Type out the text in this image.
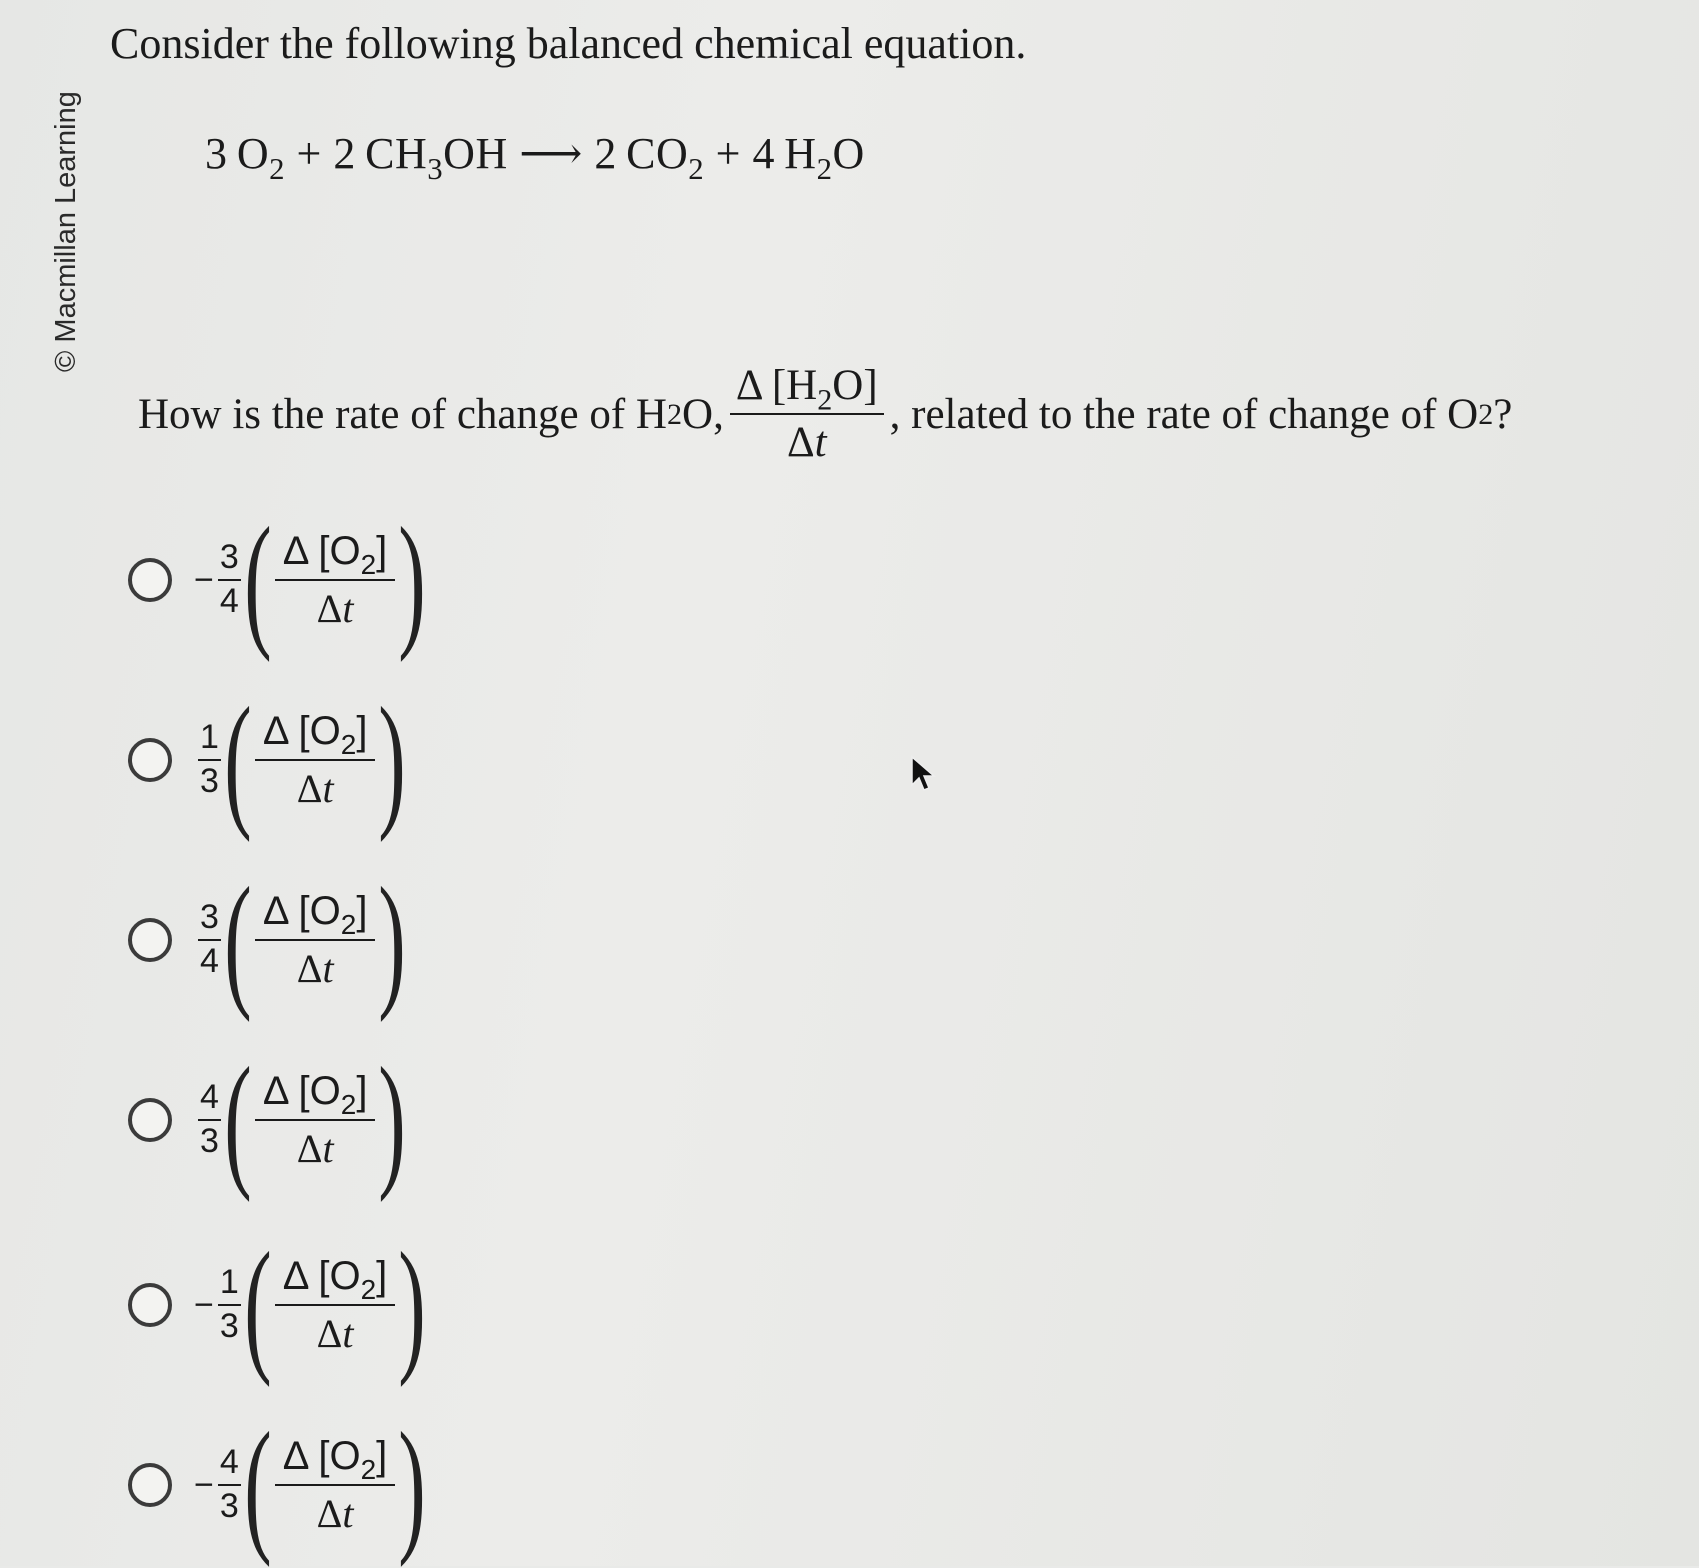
© Macmillan Learning
Consider the following balanced chemical equation.
3  $O_2 + 2$  $CH_3OH$ ⟶ 2  $CO_2 + 4$  $H_2O$
How is the rate of change of H 2 O, $\frac{\Delta [H_2O]}{\Delta t}$ , related to the rate of change of O 2 ?
− $\frac{3}{4}$ ( Δ $[O_2]$
Δt )
$\frac{1}{3}$ ( Δ $[O_2]$
Δt )
$\frac{3}{4}$ ( Δ $[O_2]$
Δt )
$\frac{4}{3}$ ( Δ $[O_2]$
Δt )
− $\frac{1}{3}$ ( Δ $[O_2]$
Δt )
− $\frac{4}{3}$ ( Δ $[O_2]$
Δt )
